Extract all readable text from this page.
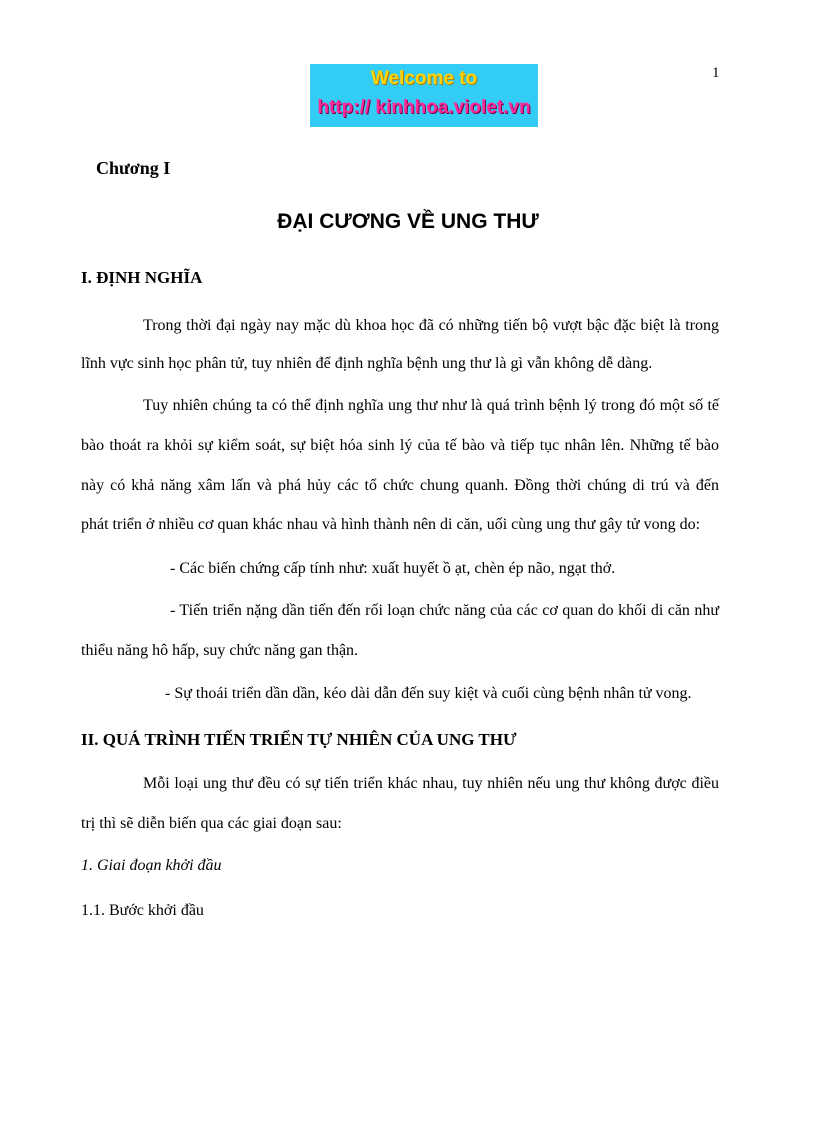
1
Welcome to
http:// kinhhoa.violet.vn
Chương I
ĐẠI CƯƠNG VỀ UNG THƯ
I. ĐỊNH NGHĨA
Trong thời đại ngày nay mặc dù khoa học đã có những tiến bộ vượt bậc đặc biệt là trong
lĩnh vực sinh học phân tử, tuy nhiên để định nghĩa bệnh ung thư là gì vẫn không dễ dàng.
Tuy nhiên chúng ta có thể định nghĩa ung thư như là quá trình bệnh lý trong đó một số tế
bào thoát ra khỏi sự kiểm soát, sự biệt hóa sinh lý của tế bào và tiếp tục nhân lên. Những tế bào
này có khả năng xâm lấn và phá hủy các tổ chức chung quanh. Đồng thời chúng di trú và đến
phát triển ở nhiều cơ quan khác nhau và hình thành nên di căn, uối cùng ung thư gây tử vong do:
- Các biến chứng cấp tính như: xuất huyết ồ ạt, chèn ép não, ngạt thở.
- Tiến triển nặng dần tiến đến rối loạn chức năng của các cơ quan do khối di căn như
thiểu năng hô hấp, suy chức năng gan thận.
- Sự thoái triển dần dần, kéo dài dẫn đến suy kiệt và cuối cùng bệnh nhân tử vong.
II. QUÁ TRÌNH TIẾN TRIỂN TỰ NHIÊN CỦA UNG THƯ
Mỗi loại ung thư đều có sự tiến triển khác nhau, tuy nhiên nếu ung thư không được điều
trị thì sẽ diễn biến qua các giai đoạn sau:
1. Giai đoạn khởi đầu
1.1. Bước khởi đầu
